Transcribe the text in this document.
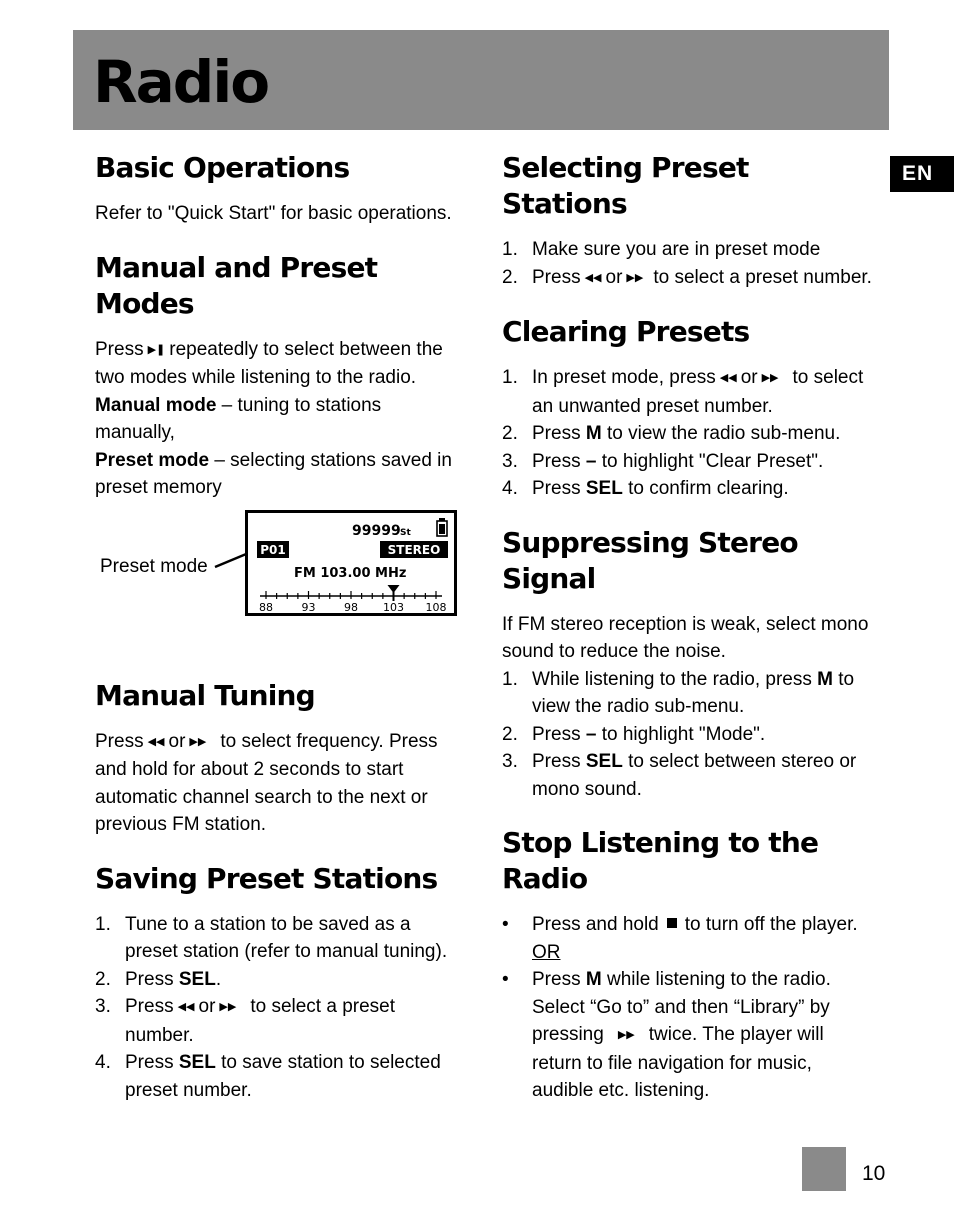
Radio
EN
Basic Operations

Refer to "Quick Start" for basic operations.

Manual and Preset Modes

Press ▶❚ repeatedly to select between the two modes while listening to the radio.

Manual mode – tuning to stations manually,

Preset mode – selecting stations saved in preset memory

Preset mode
99999 St
P01	STEREO
FM 103.00 MHz
88	93	98 103 108
Manual Tuning

Press ◀◀ or ▶▶ to select frequency. Press and hold for about 2 seconds to start automatic channel search to the next or previous FM station.

Saving Preset Stations
1. Tune to a station to be saved as a preset station (refer to manual tuning).
2. Press SEL.
3. Press ◀◀ or ▶▶ to select a preset number.
4. Press SEL to save station to selected preset number.
Selecting Preset Stations
1. Make sure you are in preset mode
2. Press ◀◀ or ▶▶ to select a preset number.
Clearing Presets
1. In preset mode, press ◀◀ or ▶▶ to select an unwanted preset number.
2. Press M to view the radio sub-menu.
3. Press – to highlight "Clear Preset".
4. Press SEL to confirm clearing.
Suppressing Stereo Signal

If FM stereo reception is weak, select mono sound to reduce the noise.

1. While listening to the radio, press M to view the radio sub-menu.
2. Press – to highlight "Mode".
3. Press SEL to select between stereo or mono sound.
Stop Listening to the Radio
• Press and hold to turn off the player. OR
• Press M while listening to the radio. Select “Go to” and then “Library” by pressing ▶▶ twice. The player will return to file navigation for music, audible etc. listening.
10
